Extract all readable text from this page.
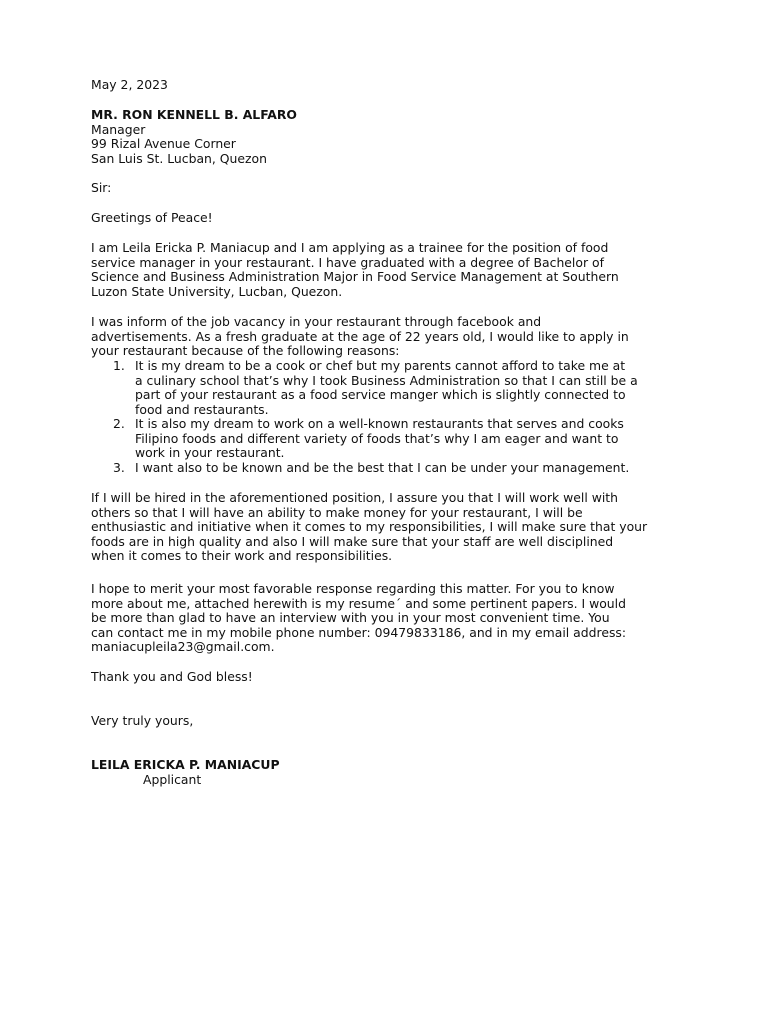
May 2, 2023
MR. RON KENNELL B. ALFARO
Manager
99 Rizal Avenue Corner
San Luis St. Lucban, Quezon
Sir:
Greetings of Peace!
I am Leila Ericka P. Maniacup and I am applying as a trainee for the position of food
service manager in your restaurant. I have graduated with a degree of Bachelor of
Science and Business Administration Major in Food Service Management at Southern
Luzon State University, Lucban, Quezon.
I was inform of the job vacancy in your restaurant through facebook and
advertisements. As a fresh graduate at the age of 22 years old, I would like to apply in
your restaurant because of the following reasons:
1. It is my dream to be a cook or chef but my parents cannot afford to take me at
a culinary school that’s why I took Business Administration so that I can still be a
part of your restaurant as a food service manger which is slightly connected to
food and restaurants.
2. It is also my dream to work on a well-known restaurants that serves and cooks
Filipino foods and different variety of foods that’s why I am eager and want to
work in your restaurant.
3. I want also to be known and be the best that I can be under your management.
If I will be hired in the aforementioned position, I assure you that I will work well with
others so that I will have an ability to make money for your restaurant, I will be
enthusiastic and initiative when it comes to my responsibilities, I will make sure that your
foods are in high quality and also I will make sure that your staff are well disciplined
when it comes to their work and responsibilities.
I hope to merit your most favorable response regarding this matter. For you to know
more about me, attached herewith is my resume´ and some pertinent papers. I would
be more than glad to have an interview with you in your most convenient time. You
can contact me in my mobile phone number: 09479833186, and in my email address:
maniacupleila23@gmail.com.
Thank you and God bless!
Very truly yours,
LEILA ERICKA P. MANIACUP
Applicant
